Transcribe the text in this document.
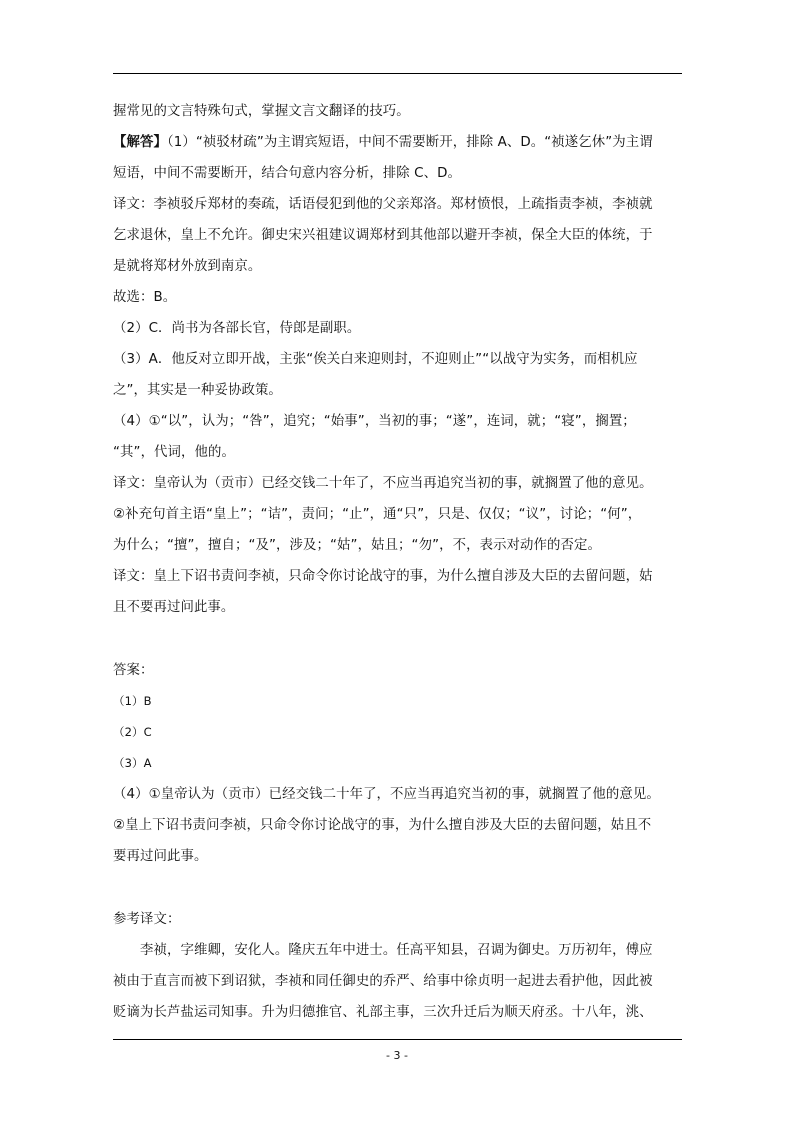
握常见的文言特殊句式，掌握文言文翻译的技巧。
【解答】（1）“祯驳材疏”为主谓宾短语，中间不需要断开，排除 A、D。“祯遂乞休”为主谓
短语，中间不需要断开，结合句意内容分析，排除 C、D。
译文：李祯驳斥郑材的奏疏，话语侵犯到他的父亲郑洛。郑材愤恨，上疏指责李祯，李祯就
乞求退休，皇上不允许。御史宋兴祖建议调郑材到其他部以避开李祯，保全大臣的体统，于
是就将郑材外放到南京。
故选：B。
（2）C．尚书为各部长官，侍郎是副职。
（3）A．他反对立即开战，主张“俟关白来迎则封，不迎则止”“以战守为实务，而相机应
之”，其实是一种妥协政策。
（4）①“以”，认为；“咎”，追究；“始事”，当初的事；“遂”，连词，就；“寝”，搁置；
“其”，代词，他的。
译文：皇帝认为（贡市）已经交钱二十年了，不应当再追究当初的事，就搁置了他的意见。
②补充句首主语“皇上”；“诘”，责问；“止”，通“只”，只是、仅仅；“议”，讨论；“何”，
为什么；“擅”，擅自；“及”，涉及；“姑”，姑且；“勿”，不，表示对动作的否定。
译文：皇上下诏书责问李祯，只命令你讨论战守的事，为什么擅自涉及大臣的去留问题，姑
且不要再过问此事。
答案：
（1）B
（2）C
（3）A
（4）①皇帝认为（贡市）已经交钱二十年了，不应当再追究当初的事，就搁置了他的意见。
②皇上下诏书责问李祯，只命令你讨论战守的事，为什么擅自涉及大臣的去留问题，姑且不
要再过问此事。
参考译文：
李祯，字维卿，安化人。隆庆五年中进士。任高平知县，召调为御史。万历初年，傅应
祯由于直言而被下到诏狱，李祯和同任御史的乔严、给事中徐贞明一起进去看护他，因此被
贬谪为长芦盐运司知事。升为归德推官、礼部主事，三次升迁后为顺天府丞。十八年，洮、
- 3 -
